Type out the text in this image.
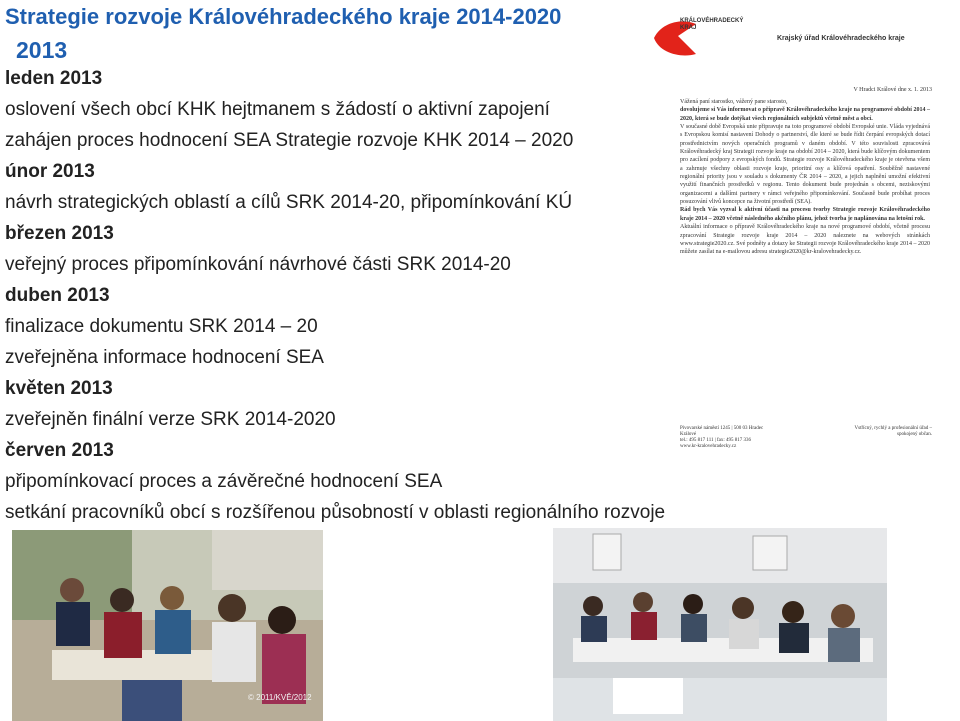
Strategie rozvoje Královéhradeckého kraje 2014-2020
2013
leden 2013
oslovení všech obcí KHK hejtmanem s žádostí o aktivní zapojení
zahájen proces hodnocení SEA Strategie rozvoje KHK 2014 – 2020
únor 2013
návrh strategických oblastí a cílů SRK 2014-20, připomínkování KÚ
březen 2013
veřejný proces připomínkování návrhové části SRK 2014-20
duben 2013
finalizace dokumentu SRK 2014 – 20
zveřejněna informace hodnocení SEA
květen 2013
zveřejněn finální verze SRK 2014-2020
červen 2013
připomínkovací proces a závěrečné hodnocení SEA
setkání pracovníků obcí s rozšířenou působností v oblasti regionálního rozvoje
KRÁLOVÉHRADECKÝ
KRAJ
Krajský úřad Královéhradeckého kraje
V Hradci Králové dne x. 1. 2013
Vážená paní starostko, vážený pane starosto,
dovolujeme si Vás informovat o přípravě Královéhradeckého kraje na programové období 2014 – 2020, která se bude dotýkat všech regionálních subjektů včetně měst a obcí.
V současné době Evropská unie připravuje na toto programové období Evropské unie. Vláda vyjednává s Evropskou komisí nastavení Dohody o partnerství, dle které se bude řídit čerpání evropských dotací prostřednictvím nových operačních programů v daném období. V této souvislosti zpracovává Královéhradecký kraj Strategii rozvoje kraje na období 2014 – 2020, která bude klíčovým dokumentem pro zacílení podpory z evropských fondů. Strategie rozvoje Královéhradeckého kraje je otevřena všem a zahrnuje všechny oblasti rozvoje kraje, prioritní osy a klíčová opatření. Souběžně nastavené regionální priority jsou v souladu s dokumenty ČR 2014 – 2020, a jejich naplnění umožní efektivní využití finančních prostředků v regionu. Tento dokument bude projednán s obcemi, neziskovými organizacemi a dalšími partnery v rámci veřejného připomínkování. Současně bude probíhat proces posuzování vlivů koncepce na životní prostředí (SEA).
Rád bych Vás vyzval k aktivní účasti na procesu tvorby Strategie rozvoje Královéhradeckého kraje 2014 – 2020 včetně následného akčního plánu, jehož tvorba je naplánována na letošní rok.
Aktuální informace o přípravě Královéhradeckého kraje na nové programové období, včetně procesu zpracování Strategie rozvoje kraje 2014 – 2020 naleznete na webových stránkách www.strategie2020.cz. Své podněty a dotazy ke Strategii rozvoje Královéhradeckého kraje 2014 – 2020 můžete zasílat na e-mailovou adresu strategie2020@kr-kralovehradecky.cz.
Pivovarské náměstí 1245 | 500 03 Hradec Králové
tel.: 495 817 111 | fax: 495 817 336
www.kr-kralovehradecky.cz
Vstřícný, rychlý a profesionální úřad – spokojený občan.
© 2011/KVĚ/2012
